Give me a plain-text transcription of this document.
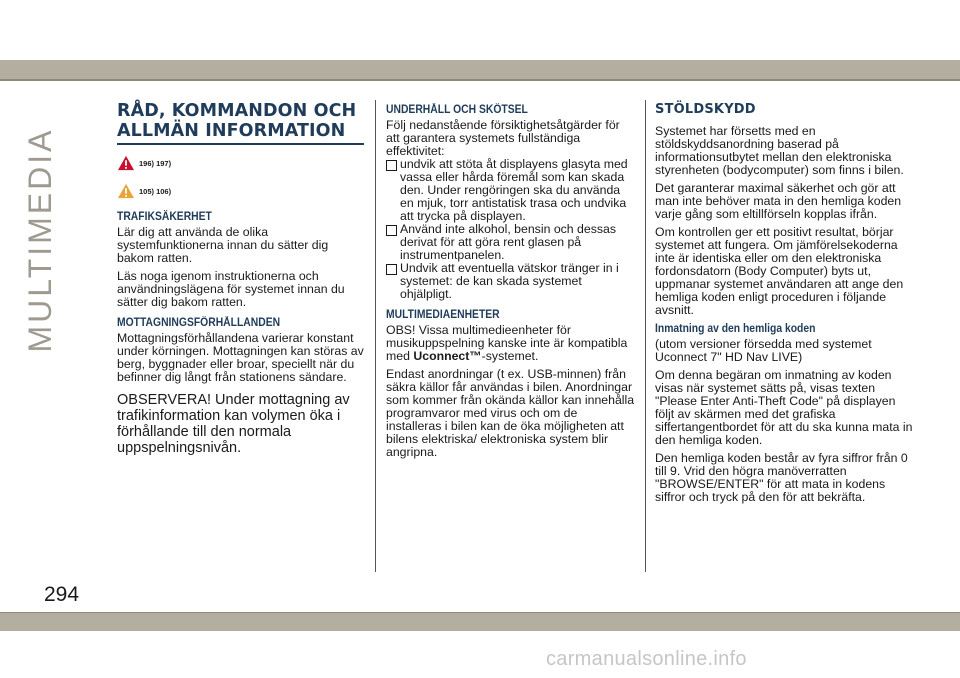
MULTIMEDIA
RÅD, KOMMANDON OCH
ALLMÄN INFORMATION
196) 197)
105) 106)
TRAFIKSÄKERHET

Lär dig att använda de olika systemfunktionerna innan du sätter dig bakom ratten.

Läs noga igenom instruktionerna och användningslägena för systemet innan du sätter dig bakom ratten.

MOTTAGNINGSFÖRHÅLLANDEN

Mottagningsförhållandena varierar konstant under körningen. Mottagningen kan störas av berg, byggnader eller broar, speciellt när du befinner dig långt från stationens sändare.

OBSERVERA! Under mottagning av trafikinformation kan volymen öka i förhållande till den normala uppspelningsnivån.

UNDERHÅLL OCH SKÖTSEL

Följ nedanstående försiktighetsåtgärder för att garantera systemets fullständiga effektivitet:

undvik att stöta åt displayens glasyta med vassa eller hårda föremål som kan skada den. Under rengöringen ska du använda en mjuk, torr antistatisk trasa och undvika att trycka på displayen.
Använd inte alkohol, bensin och dessas derivat för att göra rent glasen på instrumentpanelen.
Undvik att eventuella vätskor tränger in i systemet: de kan skada systemet ohjälpligt.
MULTIMEDIAENHETER

OBS! Vissa multimedieenheter för musikuppspelning kanske inte är kompatibla med Uconnect™-systemet.

Endast anordningar (t ex. USB-minnen) från säkra källor får användas i bilen. Anordningar som kommer från okända källor kan innehålla programvaror med virus och om de installeras i bilen kan de öka möjligheten att bilens elektriska/ elektroniska system blir angripna.

STÖLDSKYDD

Systemet har försetts med en stöldskyddsanordning baserad på informationsutbytet mellan den elektroniska styrenheten (bodycomputer) som finns i bilen.

Det garanterar maximal säkerhet och gör att man inte behöver mata in den hemliga koden varje gång som eltillförseln kopplas ifrån.

Om kontrollen ger ett positivt resultat, börjar systemet att fungera. Om jämförelsekoderna inte är identiska eller om den elektroniska fordonsdatorn (Body Computer) byts ut, uppmanar systemet användaren att ange den hemliga koden enligt proceduren i följande avsnitt.

Inmatning av den hemliga koden

(utom versioner försedda med systemet Uconnect 7" HD Nav LIVE)

Om denna begäran om inmatning av koden visas när systemet sätts på, visas texten "Please Enter Anti-Theft Code" på displayen följt av skärmen med det grafiska siffertangentbordet för att du ska kunna mata in den hemliga koden.

Den hemliga koden består av fyra siffror från 0 till 9. Vrid den högra manöverratten "BROWSE/ENTER" för att mata in kodens siffror och tryck på den för att bekräfta.

294
carmanualsonline.info
